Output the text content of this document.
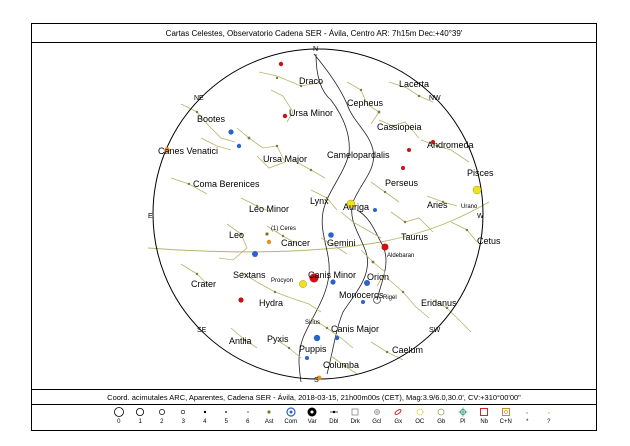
Cartas Celestes, Observatorio Cadena SER - Ávila, Centro AR: 7h15m Dec:+40°39'
N
NE	NW
E	W
SE	SW
S
Draco	Lacerta
Cepheus
Ursa Minor
Bootes
Cassiopeia
Andromeda
Canes Venatici
Ursa Major Camelopardalis
Coma Berenices	Perseus
Pisces
Lynx
Auriga	Aries
Leo Minor
Leo
Cancer
Taurus
Gemini	Cetus
Sextans	Canis Minor Orion
Crater
Hydra
Monoceros
Eridanus
Canis Major
Antlia Pyxis
Puppis	Caelum
Columba
(1) Ceres
Urano
Procyon
Aldebaran
Rigel
Sirius
Coord. acimutales ARC, Aparentes, Cadena SER - Ávila, 2018-03-15, 21h00m00s (CET), Mag:3.9/6.0,30.0', CV:+310°00'00"
0	1	2	3	4	5	6	Ast Com Var Dbl Drk Gcl Gx OC Gb Pl Nb C+N *	?
